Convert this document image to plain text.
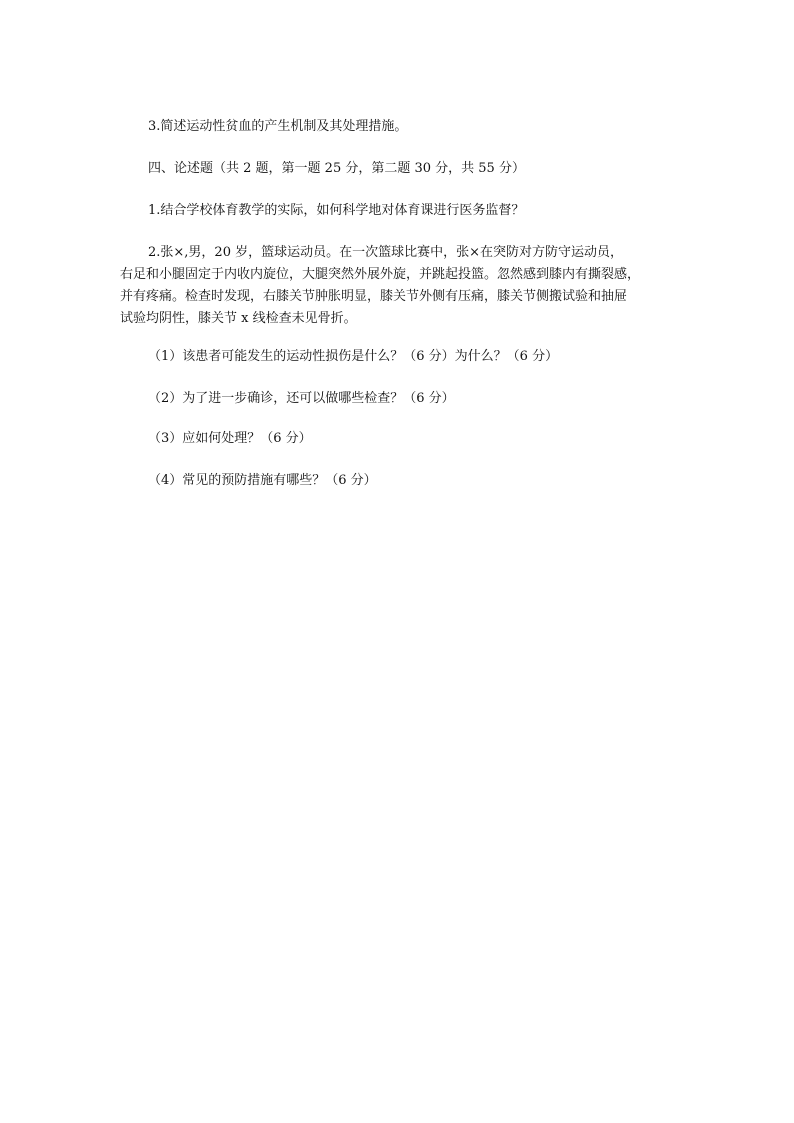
3.简述运动性贫血的产生机制及其处理措施。
四、论述题（共 2 题，第一题 25 分，第二题 30 分，共 55 分）
1.结合学校体育教学的实际，如何科学地对体育课进行医务监督？
2.张×,男，20 岁，篮球运动员。在一次篮球比赛中，张×在突防对方防守运动员，
右足和小腿固定于内收内旋位，大腿突然外展外旋，并跳起投篮。忽然感到膝内有撕裂感，
并有疼痛。检查时发现，右膝关节肿胀明显，膝关节外侧有压痛，膝关节侧搬试验和抽屉
试验均阴性，膝关节 x 线检查未见骨折。
（1）该患者可能发生的运动性损伤是什么？（6 分）为什么？（6 分）
（2）为了进一步确诊，还可以做哪些检查？（6 分）
（3）应如何处理？（6 分）
（4）常见的预防措施有哪些？（6 分）
